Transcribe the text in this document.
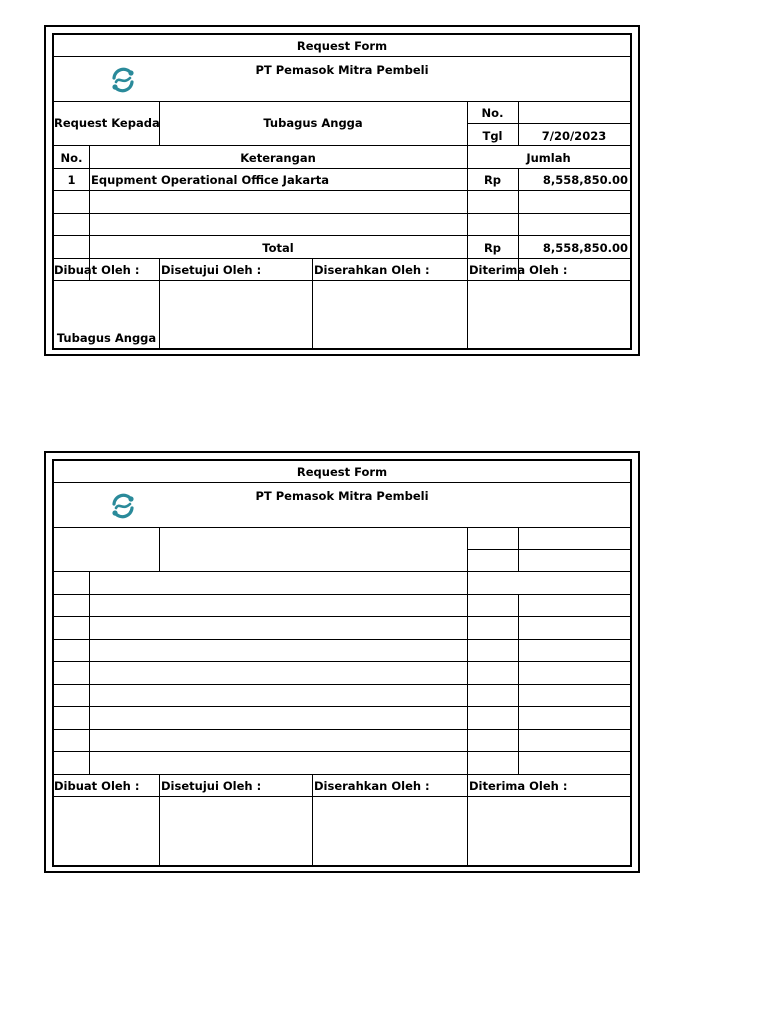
Request Form
PT Pemasok Mitra Pembeli
Request Kepada	Tubagus Angga
No.
Tgl	7/20/2023
No.	Keterangan	Jumlah
1	Equpment Operational Office Jakarta	Rp	8,558,850.00
Total	Rp	8,558,850.00
Dibuat Oleh :	Disetujui Oleh :	Diserahkan Oleh :	Diterima Oleh :
Tubagus Angga
Request Form
PT Pemasok Mitra Pembeli
Dibuat Oleh :	Disetujui Oleh :	Diserahkan Oleh :	Diterima Oleh :
